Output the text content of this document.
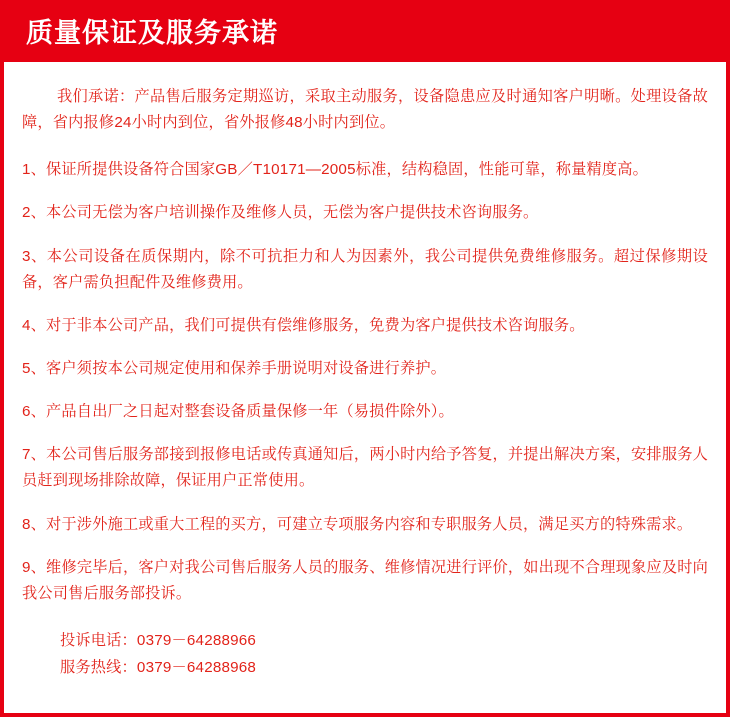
质量保证及服务承诺

我们承诺：产品售后服务定期巡访，采取主动服务，设备隐患应及时通知客户明晰。处理设备故障，省内报修24小时内到位，省外报修48小时内到位。

1、保证所提供设备符合国家GB／T10171—2005标准，结构稳固，性能可靠，称量精度高。

2、本公司无偿为客户培训操作及维修人员，无偿为客户提供技术咨询服务。

3、本公司设备在质保期内，除不可抗拒力和人为因素外，我公司提供免费维修服务。超过保修期设备，客户需负担配件及维修费用。

4、对于非本公司产品，我们可提供有偿维修服务，免费为客户提供技术咨询服务。

5、客户须按本公司规定使用和保养手册说明对设备进行养护。

6、产品自出厂之日起对整套设备质量保修一年（易损件除外）。

7、本公司售后服务部接到报修电话或传真通知后，两小时内给予答复，并提出解决方案，安排服务人员赶到现场排除故障，保证用户正常使用。

8、对于涉外施工或重大工程的买方，可建立专项服务内容和专职服务人员，满足买方的特殊需求。

9、维修完毕后，客户对我公司售后服务人员的服务、维修情况进行评价，如出现不合理现象应及时向我公司售后服务部投诉。

投诉电话：0379－64288966
服务热线：0379－64288968
